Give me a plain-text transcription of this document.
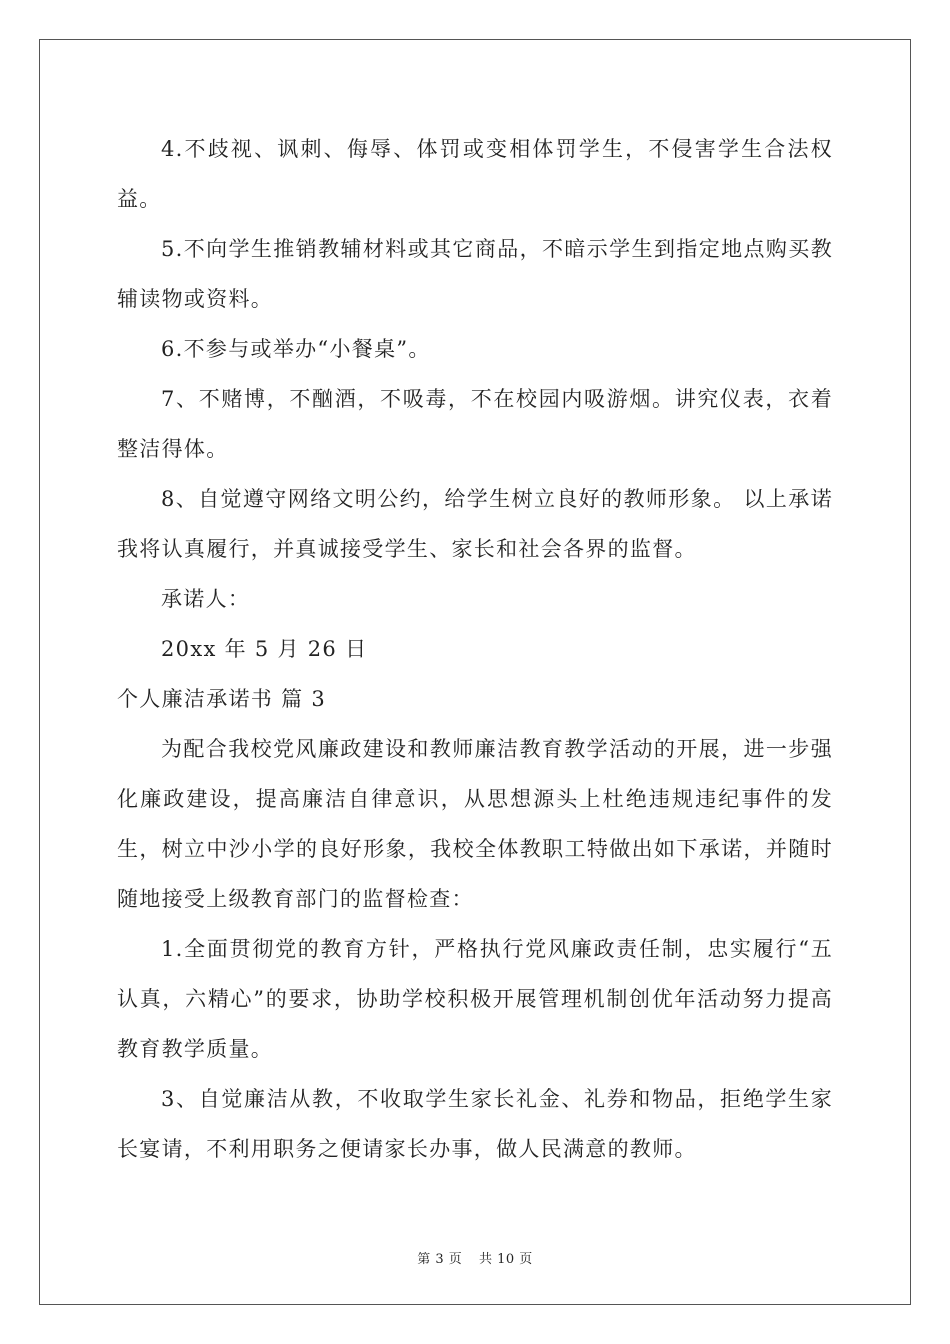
4.不歧视、讽刺、侮辱、体罚或变相体罚学生，不侵害学生合法权益。

5.不向学生推销教辅材料或其它商品，不暗示学生到指定地点购买教辅读物或资料。

6.不参与或举办“小餐桌”。

7、不赌博，不酗酒，不吸毒，不在校园内吸游烟。讲究仪表，衣着整洁得体。

8、自觉遵守网络文明公约，给学生树立良好的教师形象。 以上承诺我将认真履行，并真诚接受学生、家长和社会各界的监督。

承诺人：

20xx 年 5 月 26 日

个人廉洁承诺书 篇 3

为配合我校党风廉政建设和教师廉洁教育教学活动的开展，进一步强化廉政建设，提高廉洁自律意识，从思想源头上杜绝违规违纪事件的发生，树立中沙小学的良好形象，我校全体教职工特做出如下承诺，并随时随地接受上级教育部门的监督检查：

1.全面贯彻党的教育方针，严格执行党风廉政责任制，忠实履行“五认真，六精心”的要求，协助学校积极开展管理机制创优年活动努力提高教育教学质量。

3、自觉廉洁从教，不收取学生家长礼金、礼券和物品，拒绝学生家长宴请，不利用职务之便请家长办事，做人民满意的教师。

第 3 页 共 10 页
